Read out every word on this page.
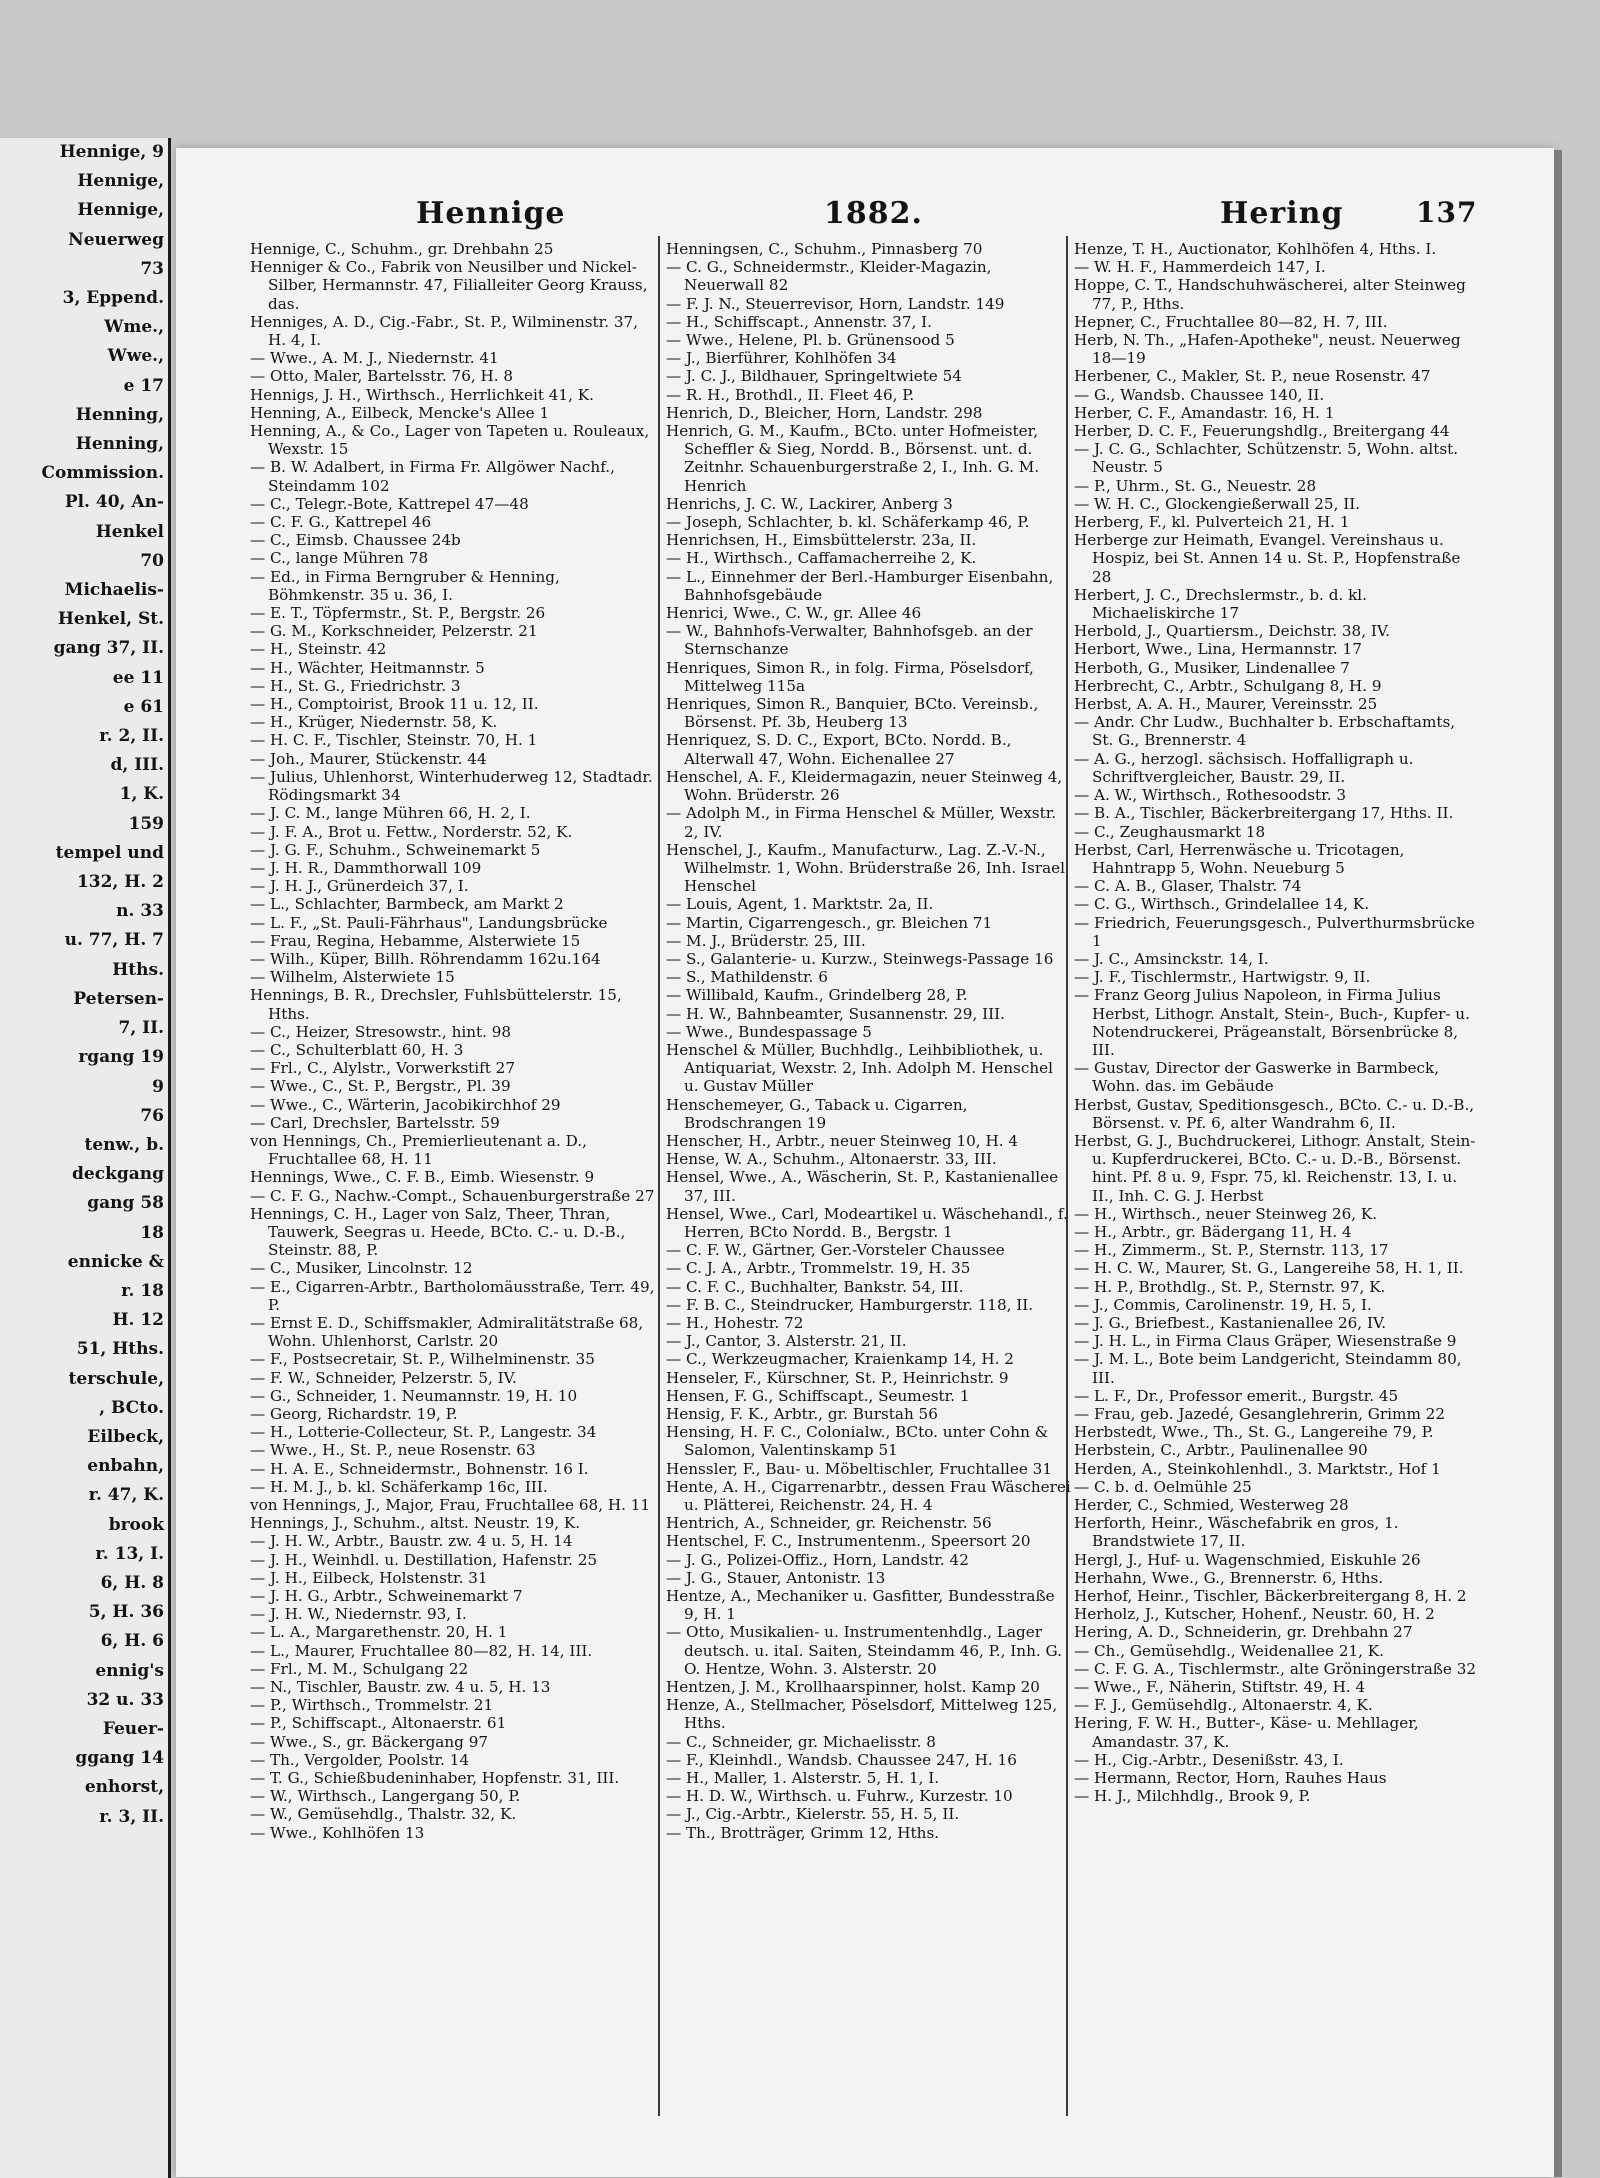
Hennige, 9
Hennige,
Hennige,
Neuerweg
73
3, Eppend.
Wme.,
Wwe.,
e 17
Henning,
Henning,
Commission.
Pl. 40, An-
Henkel
70
Michaelis-
Henkel, St.
gang 37, II.
ee 11
e 61
r. 2, II.
d, III.
1, K.
159
tempel und
132, H. 2
n. 33
u. 77, H. 7
Hths.
Petersen-
7, II.
rgang 19
9
76
tenw., b.
deckgang
gang 58
18
ennicke &
r. 18
H. 12
51, Hths.
terschule,
, BCto.
Eilbeck,
enbahn,
r. 47, K.
brook
r. 13, I.
6, H. 8
5, H. 36
6, H. 6
ennig's
32 u. 33
Feuer-
ggang 14
enhorst,
r. 3, II.
Hennige	1882.	Hering	137

Hennige, C., Schuhm., gr. Drehbahn 25

Henniger & Co., Fabrik von Neusilber und Nickel-Silber, Hermannstr. 47, Filialleiter Georg Krauss, das.

Henniges, A. D., Cig.-Fabr., St. P., Wilminenstr. 37, H. 4, I.

— Wwe., A. M. J., Niedernstr. 41

— Otto, Maler, Bartelsstr. 76, H. 8

Hennigs, J. H., Wirthsch., Herrlichkeit 41, K.

Henning, A., Eilbeck, Mencke's Allee 1

Henning, A., & Co., Lager von Tapeten u. Rouleaux, Wexstr. 15

— B. W. Adalbert, in Firma Fr. Allgöwer Nachf., Steindamm 102

— C., Telegr.-Bote, Kattrepel 47—48

— C. F. G., Kattrepel 46

— C., Eimsb. Chaussee 24b

— C., lange Mühren 78

— Ed., in Firma Berngruber & Henning, Böhmkenstr. 35 u. 36, I.

— E. T., Töpfermstr., St. P., Bergstr. 26

— G. M., Korkschneider, Pelzerstr. 21

— H., Steinstr. 42

— H., Wächter, Heitmannstr. 5

— H., St. G., Friedrichstr. 3

— H., Comptoirist, Brook 11 u. 12, II.

— H., Krüger, Niedernstr. 58, K.

— H. C. F., Tischler, Steinstr. 70, H. 1

— Joh., Maurer, Stückenstr. 44

— Julius, Uhlenhorst, Winterhuderweg 12, Stadtadr. Rödingsmarkt 34

— J. C. M., lange Mühren 66, H. 2, I.

— J. F. A., Brot u. Fettw., Norderstr. 52, K.

— J. G. F., Schuhm., Schweinemarkt 5

— J. H. R., Dammthorwall 109

— J. H. J., Grünerdeich 37, I.

— L., Schlachter, Barmbeck, am Markt 2

— L. F., „St. Pauli-Fährhaus", Landungsbrücke

— Frau, Regina, Hebamme, Alsterwiete 15

— Wilh., Küper, Billh. Röhrendamm 162u.164

— Wilhelm, Alsterwiete 15

Hennings, B. R., Drechsler, Fuhlsbüttelerstr. 15, Hths.

— C., Heizer, Stresowstr., hint. 98

— C., Schulterblatt 60, H. 3

— Frl., C., Alylstr., Vorwerkstift 27

— Wwe., C., St. P., Bergstr., Pl. 39

— Wwe., C., Wärterin, Jacobikirchhof 29

— Carl, Drechsler, Bartelsstr. 59

von Hennings, Ch., Premierlieutenant a. D., Fruchtallee 68, H. 11

Hennings, Wwe., C. F. B., Eimb. Wiesenstr. 9

— C. F. G., Nachw.-Compt., Schauenburgerstraße 27

Hennings, C. H., Lager von Salz, Theer, Thran, Tauwerk, Seegras u. Heede, BCto. C.- u. D.-B., Steinstr. 88, P.

— C., Musiker, Lincolnstr. 12

— E., Cigarren-Arbtr., Bartholomäusstraße, Terr. 49, P.

— Ernst E. D., Schiffsmakler, Admiralitätstraße 68, Wohn. Uhlenhorst, Carlstr. 20

— F., Postsecretair, St. P., Wilhelminenstr. 35

— F. W., Schneider, Pelzerstr. 5, IV.

— G., Schneider, 1. Neumannstr. 19, H. 10

— Georg, Richardstr. 19, P.

— H., Lotterie-Collecteur, St. P., Langestr. 34

— Wwe., H., St. P., neue Rosenstr. 63

— H. A. E., Schneidermstr., Bohnenstr. 16 I.

— H. M. J., b. kl. Schäferkamp 16c, III.

von Hennings, J., Major, Frau, Fruchtallee 68, H. 11

Hennings, J., Schuhm., altst. Neustr. 19, K.

— J. H. W., Arbtr., Baustr. zw. 4 u. 5, H. 14

— J. H., Weinhdl. u. Destillation, Hafenstr. 25

— J. H., Eilbeck, Holstenstr. 31

— J. H. G., Arbtr., Schweinemarkt 7

— J. H. W., Niedernstr. 93, I.

— L. A., Margarethenstr. 20, H. 1

— L., Maurer, Fruchtallee 80—82, H. 14, III.

— Frl., M. M., Schulgang 22

— N., Tischler, Baustr. zw. 4 u. 5, H. 13

— P., Wirthsch., Trommelstr. 21

— P., Schiffscapt., Altonaerstr. 61

— Wwe., S., gr. Bäckergang 97

— Th., Vergolder, Poolstr. 14

— T. G., Schießbudeninhaber, Hopfenstr. 31, III.

— W., Wirthsch., Langergang 50, P.

— W., Gemüsehdlg., Thalstr. 32, K.

— Wwe., Kohlhöfen 13

Henningsen, C., Schuhm., Pinnasberg 70

— C. G., Schneidermstr., Kleider-Magazin, Neuerwall 82

— F. J. N., Steuerrevisor, Horn, Landstr. 149

— H., Schiffscapt., Annenstr. 37, I.

— Wwe., Helene, Pl. b. Grünensood 5

— J., Bierführer, Kohlhöfen 34

— J. C. J., Bildhauer, Springeltwiete 54

— R. H., Brothdl., II. Fleet 46, P.

Henrich, D., Bleicher, Horn, Landstr. 298

Henrich, G. M., Kaufm., BCto. unter Hofmeister, Scheffler & Sieg, Nordd. B., Börsenst. unt. d. Zeitnhr. Schauenburgerstraße 2, I., Inh. G. M. Henrich

Henrichs, J. C. W., Lackirer, Anberg 3

— Joseph, Schlachter, b. kl. Schäferkamp 46, P.

Henrichsen, H., Eimsbüttelerstr. 23a, II.

— H., Wirthsch., Caffamacherreihe 2, K.

— L., Einnehmer der Berl.-Hamburger Eisenbahn, Bahnhofsgebäude

Henrici, Wwe., C. W., gr. Allee 46

— W., Bahnhofs-Verwalter, Bahnhofsgeb. an der Sternschanze

Henriques, Simon R., in folg. Firma, Pöselsdorf, Mittelweg 115a

Henriques, Simon R., Banquier, BCto. Vereinsb., Börsenst. Pf. 3b, Heuberg 13

Henriquez, S. D. C., Export, BCto. Nordd. B., Alterwall 47, Wohn. Eichenallee 27

Henschel, A. F., Kleidermagazin, neuer Steinweg 4, Wohn. Brüderstr. 26

— Adolph M., in Firma Henschel & Müller, Wexstr. 2, IV.

Henschel, J., Kaufm., Manufacturw., Lag. Z.-V.-N., Wilhelmstr. 1, Wohn. Brüderstraße 26, Inh. Israel Henschel

— Louis, Agent, 1. Marktstr. 2a, II.

— Martin, Cigarrengesch., gr. Bleichen 71

— M. J., Brüderstr. 25, III.

— S., Galanterie- u. Kurzw., Steinwegs-Passage 16

— S., Mathildenstr. 6

— Willibald, Kaufm., Grindelberg 28, P.

— H. W., Bahnbeamter, Susannenstr. 29, III.

— Wwe., Bundespassage 5

Henschel & Müller, Buchhdlg., Leihbibliothek, u. Antiquariat, Wexstr. 2, Inh. Adolph M. Henschel u. Gustav Müller

Henschemeyer, G., Taback u. Cigarren, Brodschrangen 19

Henscher, H., Arbtr., neuer Steinweg 10, H. 4

Hense, W. A., Schuhm., Altonaerstr. 33, III.

Hensel, Wwe., A., Wäscherin, St. P., Kastanienallee 37, III.

Hensel, Wwe., Carl, Modeartikel u. Wäschehandl., f. Herren, BCto Nordd. B., Bergstr. 1

— C. F. W., Gärtner, Ger.-Vorsteler Chaussee

— C. J. A., Arbtr., Trommelstr. 19, H. 35

— C. F. C., Buchhalter, Bankstr. 54, III.

— F. B. C., Steindrucker, Hamburgerstr. 118, II.

— H., Hohestr. 72

— J., Cantor, 3. Alsterstr. 21, II.

— C., Werkzeugmacher, Kraienkamp 14, H. 2

Henseler, F., Kürschner, St. P., Heinrichstr. 9

Hensen, F. G., Schiffscapt., Seumestr. 1

Hensig, F. K., Arbtr., gr. Burstah 56

Hensing, H. F. C., Colonialw., BCto. unter Cohn & Salomon, Valentinskamp 51

Henssler, F., Bau- u. Möbeltischler, Fruchtallee 31

Hente, A. H., Cigarrenarbtr., dessen Frau Wäscherei u. Plätterei, Reichenstr. 24, H. 4

Hentrich, A., Schneider, gr. Reichenstr. 56

Hentschel, F. C., Instrumentenm., Speersort 20

— J. G., Polizei-Offiz., Horn, Landstr. 42

— J. G., Stauer, Antonistr. 13

Hentze, A., Mechaniker u. Gasfitter, Bundesstraße 9, H. 1

— Otto, Musikalien- u. Instrumentenhdlg., Lager deutsch. u. ital. Saiten, Steindamm 46, P., Inh. G. O. Hentze, Wohn. 3. Alsterstr. 20

Hentzen, J. M., Krollhaarspinner, holst. Kamp 20

Henze, A., Stellmacher, Pöselsdorf, Mittelweg 125, Hths.

— C., Schneider, gr. Michaelisstr. 8

— F., Kleinhdl., Wandsb. Chaussee 247, H. 16

— H., Maller, 1. Alsterstr. 5, H. 1, I.

— H. D. W., Wirthsch. u. Fuhrw., Kurzestr. 10

— J., Cig.-Arbtr., Kielerstr. 55, H. 5, II.

— Th., Brotträger, Grimm 12, Hths.

Henze, T. H., Auctionator, Kohlhöfen 4, Hths. I.

— W. H. F., Hammerdeich 147, I.

Hoppe, C. T., Handschuhwäscherei, alter Steinweg 77, P., Hths.

Hepner, C., Fruchtallee 80—82, H. 7, III.

Herb, N. Th., „Hafen-Apotheke", neust. Neuerweg 18—19

Herbener, C., Makler, St. P., neue Rosenstr. 47

— G., Wandsb. Chaussee 140, II.

Herber, C. F., Amandastr. 16, H. 1

Herber, D. C. F., Feuerungshdlg., Breitergang 44

— J. C. G., Schlachter, Schützenstr. 5, Wohn. altst. Neustr. 5

— P., Uhrm., St. G., Neuestr. 28

— W. H. C., Glockengießerwall 25, II.

Herberg, F., kl. Pulverteich 21, H. 1

Herberge zur Heimath, Evangel. Vereinshaus u. Hospiz, bei St. Annen 14 u. St. P., Hopfenstraße 28

Herbert, J. C., Drechslermstr., b. d. kl. Michaeliskirche 17

Herbold, J., Quartiersm., Deichstr. 38, IV.

Herbort, Wwe., Lina, Hermannstr. 17

Herboth, G., Musiker, Lindenallee 7

Herbrecht, C., Arbtr., Schulgang 8, H. 9

Herbst, A. A. H., Maurer, Vereinsstr. 25

— Andr. Chr Ludw., Buchhalter b. Erbschaftamts, St. G., Brennerstr. 4

— A. G., herzogl. sächsisch. Hoffalligraph u. Schriftvergleicher, Baustr. 29, II.

— A. W., Wirthsch., Rothesoodstr. 3

— B. A., Tischler, Bäckerbreitergang 17, Hths. II.

— C., Zeughausmarkt 18

Herbst, Carl, Herrenwäsche u. Tricotagen, Hahntrapp 5, Wohn. Neueburg 5

— C. A. B., Glaser, Thalstr. 74

— C. G., Wirthsch., Grindelallee 14, K.

— Friedrich, Feuerungsgesch., Pulverthurmsbrücke 1

— J. C., Amsinckstr. 14, I.

— J. F., Tischlermstr., Hartwigstr. 9, II.

— Franz Georg Julius Napoleon, in Firma Julius Herbst, Lithogr. Anstalt, Stein-, Buch-, Kupfer- u. Notendruckerei, Prägeanstalt, Börsenbrücke 8, III.

— Gustav, Director der Gaswerke in Barmbeck, Wohn. das. im Gebäude

Herbst, Gustav, Speditionsgesch., BCto. C.- u. D.-B., Börsenst. v. Pf. 6, alter Wandrahm 6, II.

Herbst, G. J., Buchdruckerei, Lithogr. Anstalt, Stein- u. Kupferdruckerei, BCto. C.- u. D.-B., Börsenst. hint. Pf. 8 u. 9, Fspr. 75, kl. Reichenstr. 13, I. u. II., Inh. C. G. J. Herbst

— H., Wirthsch., neuer Steinweg 26, K.

— H., Arbtr., gr. Bädergang 11, H. 4

— H., Zimmerm., St. P., Sternstr. 113, 17

— H. C. W., Maurer, St. G., Langereihe 58, H. 1, II.

— H. P., Brothdlg., St. P., Sternstr. 97, K.

— J., Commis, Carolinenstr. 19, H. 5, I.

— J. G., Briefbest., Kastanienallee 26, IV.

— J. H. L., in Firma Claus Gräper, Wiesenstraße 9

— J. M. L., Bote beim Landgericht, Steindamm 80, III.

— L. F., Dr., Professor emerit., Burgstr. 45

— Frau, geb. Jazedé, Gesanglehrerin, Grimm 22

Herbstedt, Wwe., Th., St. G., Langereihe 79, P.

Herbstein, C., Arbtr., Paulinenallee 90

Herden, A., Steinkohlenhdl., 3. Marktstr., Hof 1

— C. b. d. Oelmühle 25

Herder, C., Schmied, Westerweg 28

Herforth, Heinr., Wäschefabrik en gros, 1. Brandstwiete 17, II.

Hergl, J., Huf- u. Wagenschmied, Eiskuhle 26

Herhahn, Wwe., G., Brennerstr. 6, Hths.

Herhof, Heinr., Tischler, Bäckerbreitergang 8, H. 2

Herholz, J., Kutscher, Hohenf., Neustr. 60, H. 2

Hering, A. D., Schneiderin, gr. Drehbahn 27

— Ch., Gemüsehdlg., Weidenallee 21, K.

— C. F. G. A., Tischlermstr., alte Gröningerstraße 32

— Wwe., F., Näherin, Stiftstr. 49, H. 4

— F. J., Gemüsehdlg., Altonaerstr. 4, K.

Hering, F. W. H., Butter-, Käse- u. Mehllager, Amandastr. 37, K.

— H., Cig.-Arbtr., Desenißstr. 43, I.

— Hermann, Rector, Horn, Rauhes Haus

— H. J., Milchhdlg., Brook 9, P.
